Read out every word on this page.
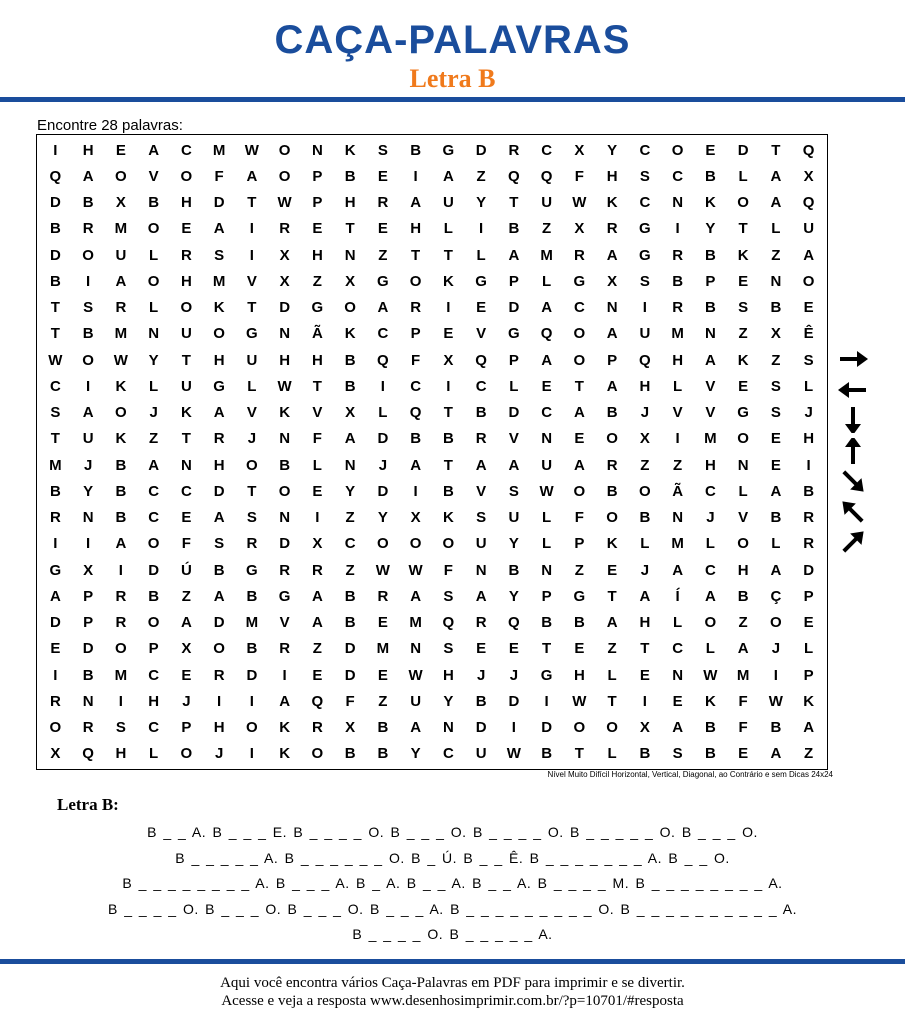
CAÇA-PALAVRAS
Letra B
Encontre 28 palavras:
I	H	E	A	C	M	W	O	N	K	S	B	G	D	R	C	X	Y	C	O	E	D	T	Q
Q	A	O	V	O	F	A	O	P	B	E	I	A	Z	Q	Q	F	H	S	C	B	L	A	X
D	B	X	B	H	D	T	W	P	H	R	A	U	Y	T	U	W	K	C	N	K	O	A	Q
B	R	M	O	E	A	I	R	E	T	E	H	L	I	B	Z	X	R	G	I	Y	T	L	U
D	O	U	L	R	S	I	X	H	N	Z	T	T	L	A	M	R	A	G	R	B	K	Z	A
B	I	A	O	H	M	V	X	Z	X	G	O	K	G	P	L	G	X	S	B	P	E	N	O
T	S	R	L	O	K	T	D	G	O	A	R	I	E	D	A	C	N	I	R	B	S	B	E
T	B	M	N	U	O	G	N	Ã	K	C	P	E	V	G	Q	O	A	U	M	N	Z	X	Ê
W	O	W	Y	T	H	U	H	H	B	Q	F	X	Q	P	A	O	P	Q	H	A	K	Z	S
C	I	K	L	U	G	L	W	T	B	I	C	I	C	L	E	T	A	H	L	V	E	S	L
S	A	O	J	K	A	V	K	V	X	L	Q	T	B	D	C	A	B	J	V	V	G	S	J
T	U	K	Z	T	R	J	N	F	A	D	B	B	R	V	N	E	O	X	I	M	O	E	H
M	J	B	A	N	H	O	B	L	N	J	A	T	A	A	U	A	R	Z	Z	H	N	E	I
B	Y	B	C	C	D	T	O	E	Y	D	I	B	V	S	W	O	B	O	Ã	C	L	A	B
R	N	B	C	E	A	S	N	I	Z	Y	X	K	S	U	L	F	O	B	N	J	V	B	R
I	I	A	O	F	S	R	D	X	C	O	O	O	U	Y	L	P	K	L	M	L	O	L	R
G	X	I	D	Ú	B	G	R	R	Z	W	W	F	N	B	N	Z	E	J	A	C	H	A	D
A	P	R	B	Z	A	B	G	A	B	R	A	S	A	Y	P	G	T	A	Í	A	B	Ç	P
D	P	R	O	A	D	M	V	A	B	E	M	Q	R	Q	B	B	A	H	L	O	Z	O	E
E	D	O	P	X	O	B	R	Z	D	M	N	S	E	E	T	E	Z	T	C	L	A	J	L
I	B	M	C	E	R	D	I	E	D	E	W	H	J	J	G	H	L	E	N	W	M	I	P
R	N	I	H	J	I	I	A	Q	F	Z	U	Y	B	D	I	W	T	I	E	K	F	W	K
O	R	S	C	P	H	O	K	R	X	B	A	N	D	I	D	O	O	X	A	B	F	B	A
X	Q	H	L	O	J	I	K	O	B	B	Y	C	U	W	B	T	L	B	S	B	E	A	Z
Nível Muito Difícil Horizontal, Vertical, Diagonal, ao Contrário e sem Dicas 24x24
Letra B:
B _ _ A. B _ _ _ E. B _ _ _ _ O. B _ _ _ O. B _ _ _ _ O. B _ _ _ _ _ O. B _ _ _ O.
B _ _ _ _ _ A. B _ _ _ _ _ _ O. B _ Ú. B _ _ Ê. B _ _ _ _ _ _ _ A. B _ _ O.
B _ _ _ _ _ _ _ _ A. B _ _ _ A. B _ A. B _ _ A. B _ _ A. B _ _ _ _ M. B _ _ _ _ _ _ _ _ A.
B _ _ _ _ O. B _ _ _ O. B _ _ _ O. B _ _ _ A. B _ _ _ _ _ _ _ _ _ O. B _ _ _ _ _ _ _ _ _ _ A.
B _ _ _ _ O. B _ _ _ _ _ A.
Aqui você encontra vários Caça-Palavras em PDF para imprimir e se divertir.
Acesse e veja a resposta www.desenhosimprimir.com.br/?p=10701/#resposta
